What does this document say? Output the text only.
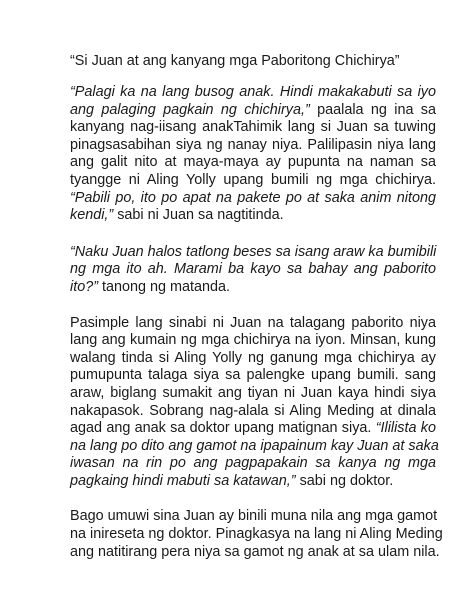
“Si Juan at ang kanyang mga Paboritong Chichirya”
“Palagi ka na lang busog anak. Hindi makakabuti sa iyo
ang palaging pagkain ng chichirya,” paalala ng ina sa
kanyang nag-iisang anakTahimik lang si Juan sa tuwing
pinagsasabihan siya ng nanay niya. Palilipasin niya lang
ang galit nito at maya-maya ay pupunta na naman sa
tyangge ni Aling Yolly upang bumili ng mga chichirya.
“Pabili po, ito po apat na pakete po at saka anim nitong
kendi,” sabi ni Juan sa nagtitinda.
“Naku Juan halos tatlong beses sa isang araw ka bumibili
ng mga ito ah. Marami ba kayo sa bahay ang paborito
ito?” tanong ng matanda.
Pasimple lang sinabi ni Juan na talagang paborito niya
lang ang kumain ng mga chichirya na iyon. Minsan, kung
walang tinda si Aling Yolly ng ganung mga chichirya ay
pumupunta talaga siya sa palengke upang bumili. sang
araw, biglang sumakit ang tiyan ni Juan kaya hindi siya
nakapasok. Sobrang nag-alala si Aling Meding at dinala
agad ang anak sa doktor upang matignan siya. “Ililista ko
na lang po dito ang gamot na ipapainum kay Juan at saka
iwasan na rin po ang pagpapakain sa kanya ng mga
pagkaing hindi mabuti sa katawan,” sabi ng doktor.
Bago umuwi sina Juan ay binili muna nila ang mga gamot
na inireseta ng doktor. Pinagkasya na lang ni Aling Meding
ang natitirang pera niya sa gamot ng anak at sa ulam nila.
